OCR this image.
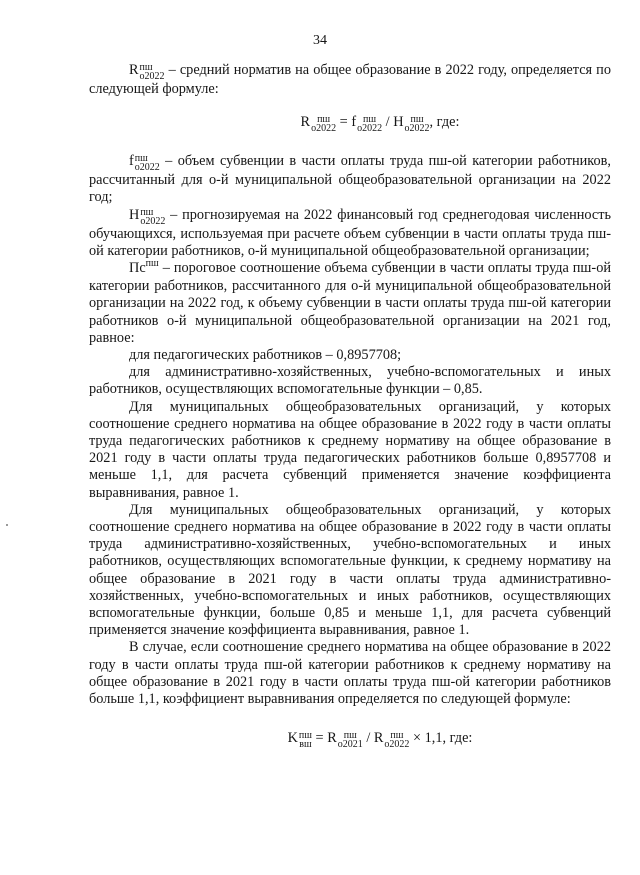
34

R пш
о2022 – средний норматив на общее образование в 2022 году, определяется по следующей формуле:

R пш
о2022 = f пш
о2022 / Н пш
о2022 , где:

f пш
о2022 – объем субвенции в части оплаты труда пш-ой категории работников, рассчитанный для о-й муниципальной общеобразовательной организации на 2022 год;

Н пш
о2022 – прогнозируемая на 2022 финансовый год среднегодовая численность обучающихся, используемая при расчете объем субвенции в части оплаты труда пш-ой категории работников, о-й муниципальной общеобразовательной организации;

$Пс^{пш}$ – пороговое соотношение объема субвенции в части оплаты труда пш-ой категории работников, рассчитанного для о-й муниципальной общеобразовательной организации на 2022 год, к объему субвенции в части оплаты труда пш-ой категории работников о-й муниципальной общеобразовательной организации на 2021 год, равное:

для педагогических работников – 0,8957708;

для административно-хозяйственных, учебно-вспомогательных и иных работников, осуществляющих вспомогательные функции – 0,85.

Для муниципальных общеобразовательных организаций, у которых соотношение среднего норматива на общее образование в 2022 году в части оплаты труда педагогических работников к среднему нормативу на общее образование в 2021 году в части оплаты труда педагогических работников больше 0,8957708 и меньше 1,1, для расчета субвенций применяется значение коэффициента выравнивания, равное 1.

Для муниципальных общеобразовательных организаций, у которых соотношение среднего норматива на общее образование в 2022 году в части оплаты труда административно-хозяйственных, учебно-вспомогательных и иных работников, осуществляющих вспомогательные функции, к среднему нормативу на общее образование в 2021 году в части оплаты труда административно-хозяйственных, учебно-вспомогательных и иных работников, осуществляющих вспомогательные функции, больше 0,85 и меньше 1,1, для расчета субвенций применяется значение коэффициента выравнивания, равное 1.

В случае, если соотношение среднего норматива на общее образование в 2022 году в части оплаты труда пш-ой категории работников к среднему нормативу на общее образование в 2021 году в части оплаты труда пш-ой категории работников больше 1,1, коэффициент выравнивания определяется по следующей формуле:

K пш
вш = R пш
о2021 / R пш
о2022 × 1,1, где:
